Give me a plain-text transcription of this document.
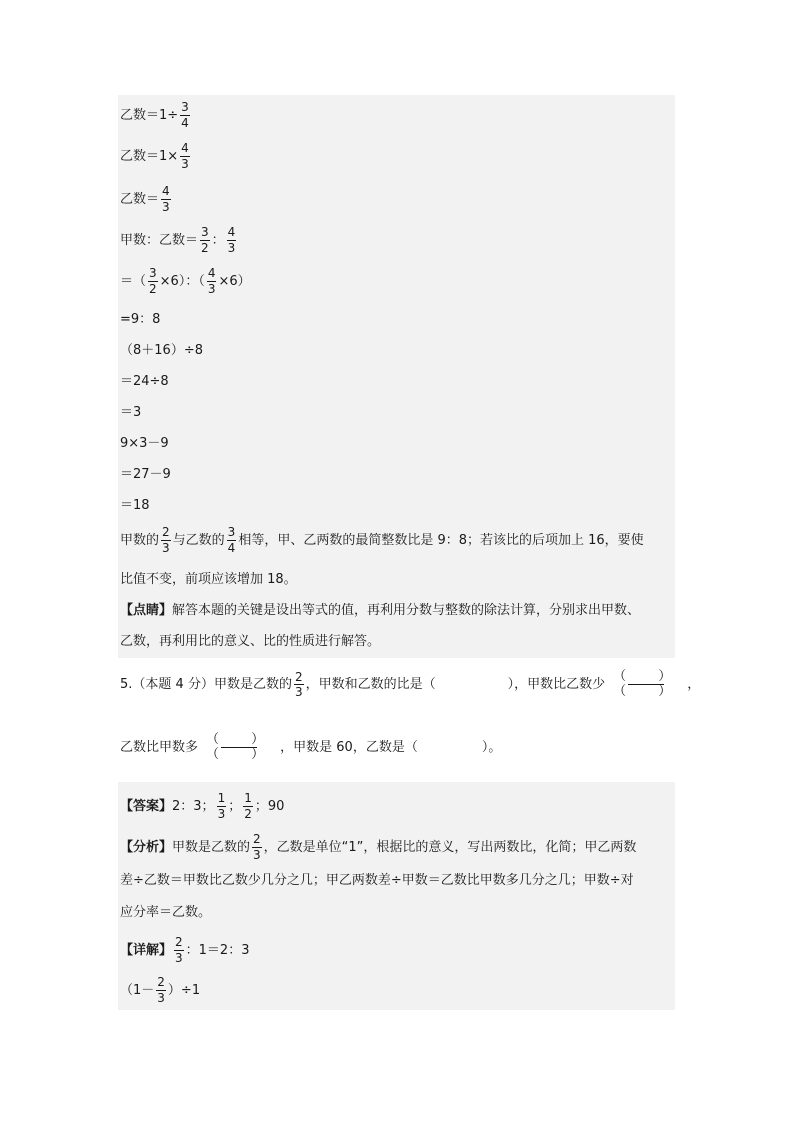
乙数$=1\div \frac{3}{4}$
乙数$=1\times \frac{4}{3}$
乙数＝ $\frac{4}{3}$
甲数：乙数＝ $\frac{3}{2}$ ： $\frac{4}{3}$
＝（ $\frac{3}{2} \times 6$）：（ $\frac{4}{3} \times 6$）
=9：8
（8＋16）÷8
＝24÷8
＝3
9×3－9
＝27－9
＝18
甲数的 $\frac{2}{3}$ 与乙数的 $\frac{3}{4}$ 相等，甲、乙两数的最简整数比是 9：8；若该比的后项加上 16，要使
比值不变，前项应该增加 18。
【点睛】 解答本题的关键是设出等式的值，再利用分数与整数的除法计算，分别求出甲数、
乙数，再利用比的意义、比的性质进行解答。
5.（本题 4 分）甲数是乙数的 $\frac{2}{3}$ ，甲数和乙数的比是（	），甲数比乙数少
（ ）
（ ） ，
乙数比甲数多
（ ）
（ ） ，甲数是 60，乙数是（	）。
【答案】 2：3； $\frac{1}{3}$ ； $\frac{1}{2}$ ；90
【分析】 甲数是乙数的 $\frac{2}{3}$ ，乙数是单位“1”，根据比的意义，写出两数比，化简；甲乙两数
差÷乙数＝甲数比乙数少几分之几；甲乙两数差÷甲数＝乙数比甲数多几分之几；甲数÷对
应分率＝乙数。
【详解】 $\frac{2}{3}$ ：1＝2：3
$(1- \frac{2}{3} )\div 1$
